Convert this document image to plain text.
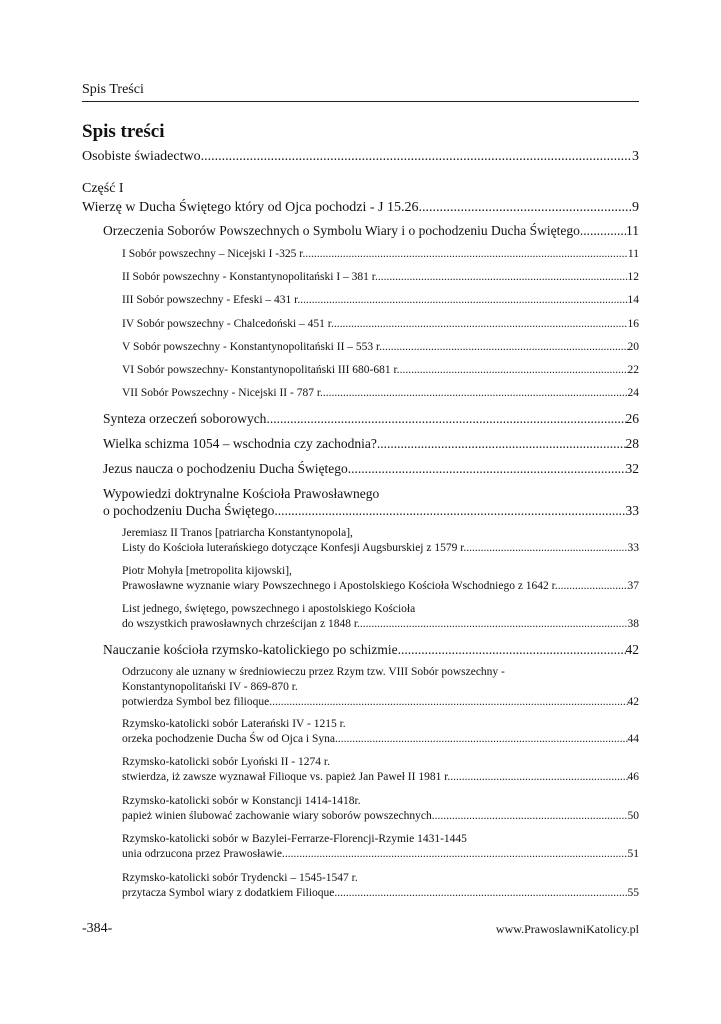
Spis Treści
Spis treści
Osobiste świadectwo .....	3
Część I
Wierzę w Ducha Świętego który od Ojca pochodzi - J 15.26 .....	9
Orzeczenia Soborów Powszechnych o Symbolu Wiary i o pochodzeniu Ducha Świętego .....	11
I Sobór powszechny – Nicejski I -325 r. .....	11
II Sobór powszechny - Konstantynopolitański I – 381 r. .....	12
III Sobór powszechny - Efeski – 431 r. .....	14
IV Sobór powszechny - Chalcedoński – 451 r. .....	16
V Sobór powszechny - Konstantynopolitański II – 553 r. .....	20
VI Sobór powszechny- Konstantynopolitański III 680-681 r. .....	22
VII Sobór Powszechny - Nicejski II - 787 r. .....	24
Synteza orzeczeń soborowych .....	26
Wielka schizma 1054 – wschodnia czy zachodnia? .....	28
Jezus naucza o pochodzeniu Ducha Świętego .....	32
Wypowiedzi doktrynalne Kościoła Prawosławnego
o pochodzeniu Ducha Świętego .....	33
Jeremiasz II Tranos [patriarcha Konstantynopola],
Listy do Kościoła luterańskiego dotyczące Konfesji Augsburskiej z 1579 r. .....	33
Piotr Mohyła [metropolita kijowski],
Prawosławne wyznanie wiary Powszechnego i Apostolskiego Kościoła Wschodniego z 1642 r. .....	37
List jednego, świętego, powszechnego i apostolskiego Kościoła
do wszystkich prawosławnych chrześcijan z 1848 r. .....	38
Nauczanie kościoła rzymsko-katolickiego po schizmie .....	42
Odrzucony ale uznany w średniowieczu przez Rzym tzw. VIII Sobór powszechny -
Konstantynopolitański IV - 869-870 r.
potwierdza Symbol bez filioque .....	42
Rzymsko-katolicki sobór Laterański IV - 1215 r.
orzeka pochodzenie Ducha Św od Ojca i Syna .....	44
Rzymsko-katolicki sobór Lyoński II - 1274 r.
stwierdza, iż zawsze wyznawał Filioque vs. papież Jan Paweł II 1981 r. .....	46
Rzymsko-katolicki sobór w Konstancji 1414-1418r.
papież winien ślubować zachowanie wiary soborów powszechnych .....	50
Rzymsko-katolicki sobór w Bazylei-Ferrarze-Florencji-Rzymie 1431-1445
unia odrzucona przez Prawosławie .....	51
Rzymsko-katolicki sobór Trydencki – 1545-1547 r.
przytacza Symbol wiary z dodatkiem Filioque .....	55
-384-	www.PrawoslawniKatolicy.pl
